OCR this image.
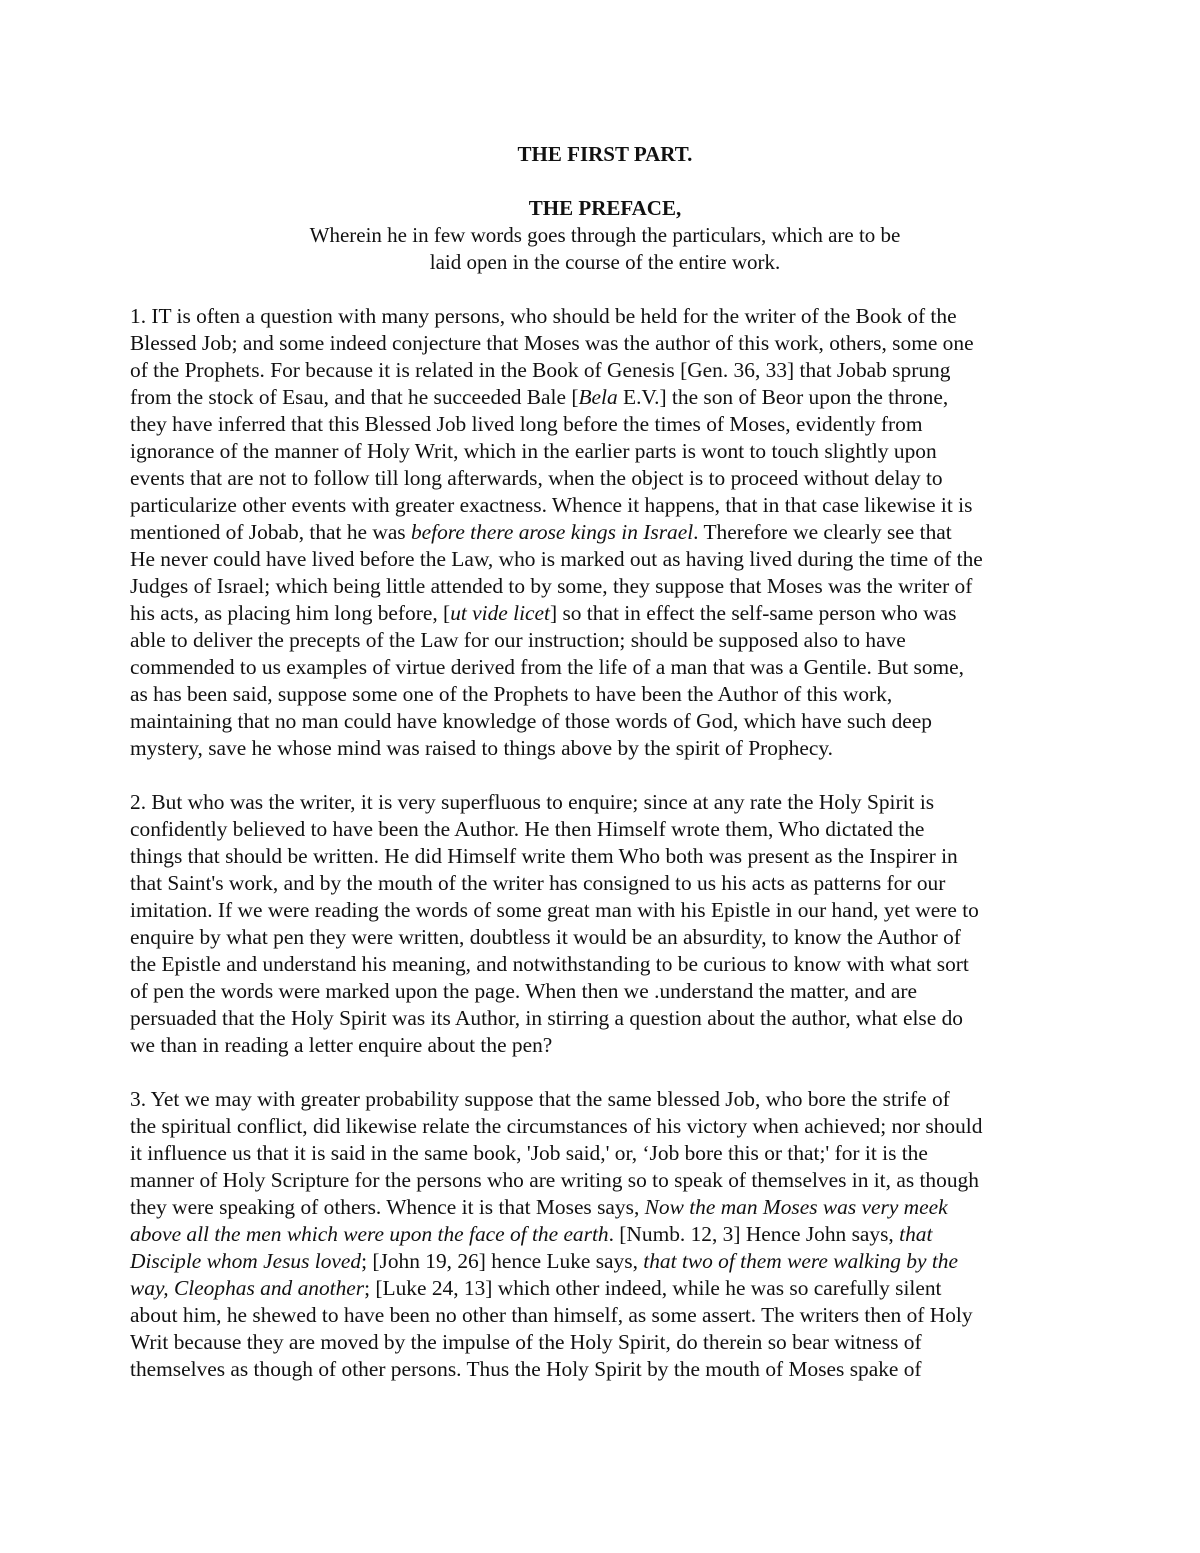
THE FIRST PART.
THE PREFACE,
Wherein he in few words goes through the particulars, which are to be
laid open in the course of the entire work.

1. IT is often a question with many persons, who should be held for the writer of the Book of the
Blessed Job; and some indeed conjecture that Moses was the author of this work, others, some one
of the Prophets. For because it is related in the Book of Genesis [Gen. 36, 33] that Jobab sprung
from the stock of Esau, and that he succeeded Bale [Bela E.V.] the son of Beor upon the throne,
they have inferred that this Blessed Job lived long before the times of Moses, evidently from
ignorance of the manner of Holy Writ, which in the earlier parts is wont to touch slightly upon
events that are not to follow till long afterwards, when the object is to proceed without delay to
particularize other events with greater exactness. Whence it happens, that in that case likewise it is
mentioned of Jobab, that he was before there arose kings in Israel. Therefore we clearly see that
He never could have lived before the Law, who is marked out as having lived during the time of the
Judges of Israel; which being little attended to by some, they suppose that Moses was the writer of
his acts, as placing him long before, [ut vide licet] so that in effect the self-same person who was
able to deliver the precepts of the Law for our instruction; should be supposed also to have
commended to us examples of virtue derived from the life of a man that was a Gentile. But some,
as has been said, suppose some one of the Prophets to have been the Author of this work,
maintaining that no man could have knowledge of those words of God, which have such deep
mystery, save he whose mind was raised to things above by the spirit of Prophecy.

2. But who was the writer, it is very superfluous to enquire; since at any rate the Holy Spirit is
confidently believed to have been the Author. He then Himself wrote them, Who dictated the
things that should be written. He did Himself write them Who both was present as the Inspirer in
that Saint's work, and by the mouth of the writer has consigned to us his acts as patterns for our
imitation. If we were reading the words of some great man with his Epistle in our hand, yet were to
enquire by what pen they were written, doubtless it would be an absurdity, to know the Author of
the Epistle and understand his meaning, and notwithstanding to be curious to know with what sort
of pen the words were marked upon the page. When then we .understand the matter, and are
persuaded that the Holy Spirit was its Author, in stirring a question about the author, what else do
we than in reading a letter enquire about the pen?

3. Yet we may with greater probability suppose that the same blessed Job, who bore the strife of
the spiritual conflict, did likewise relate the circumstances of his victory when achieved; nor should
it influence us that it is said in the same book, 'Job said,' or, ‘Job bore this or that;' for it is the
manner of Holy Scripture for the persons who are writing so to speak of themselves in it, as though
they were speaking of others. Whence it is that Moses says, Now the man Moses was very meek
above all the men which were upon the face of the earth. [Numb. 12, 3] Hence John says, that
Disciple whom Jesus loved; [John 19, 26] hence Luke says, that two of them were walking by the
way, Cleophas and another; [Luke 24, 13] which other indeed, while he was so carefully silent
about him, he shewed to have been no other than himself, as some assert. The writers then of Holy
Writ because they are moved by the impulse of the Holy Spirit, do therein so bear witness of
themselves as though of other persons. Thus the Holy Spirit by the mouth of Moses spake of
